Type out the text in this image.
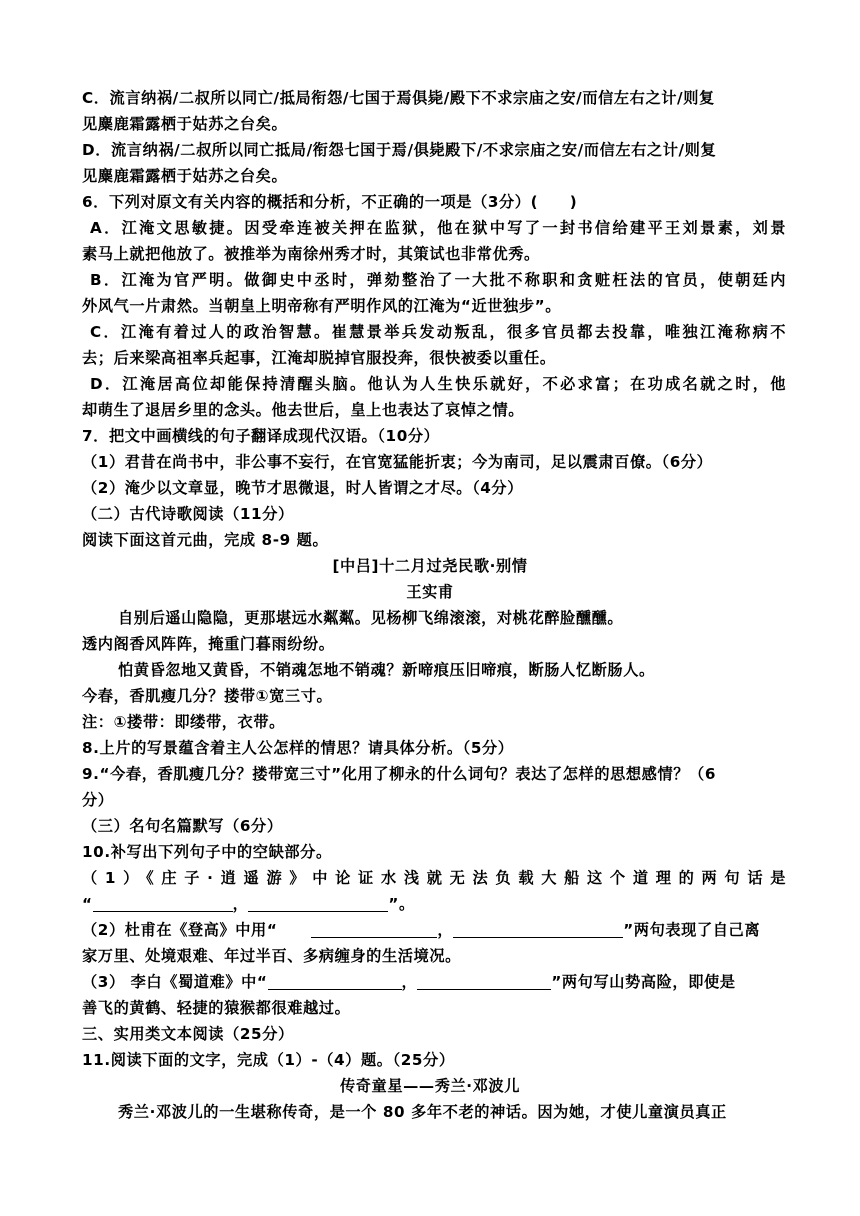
C．流言纳祸/二叔所以同亡/抵局衔怨/七国于焉俱毙/殿下不求宗庙之安/而信左右之计/则复
见麋鹿霜露栖于姑苏之台矣。
D．流言纳祸/二叔所以同亡抵局/衔怨七国于焉/俱毙殿下/不求宗庙之安/而信左右之计/则复
见麋鹿霜露栖于姑苏之台矣。
6．下列对原文有关内容的概括和分析，不正确的一项是（3分）(　　)
A．江淹文思敏捷。因受牵连被关押在监狱，他在狱中写了一封书信给建平王刘景素，刘景
素马上就把他放了。被推举为南徐州秀才时，其策试也非常优秀。
B．江淹为官严明。做御史中丞时，弹劾整治了一大批不称职和贪赃枉法的官员，使朝廷内
外风气一片肃然。当朝皇上明帝称有严明作风的江淹为“近世独步”。
C．江淹有着过人的政治智慧。崔慧景举兵发动叛乱，很多官员都去投靠，唯独江淹称病不
去；后来梁高祖率兵起事，江淹却脱掉官服投奔，很快被委以重任。
D．江淹居高位却能保持清醒头脑。他认为人生快乐就好，不必求富；在功成名就之时，他
却萌生了退居乡里的念头。他去世后，皇上也表达了哀悼之情。
7．把文中画横线的句子翻译成现代汉语。（10分）
（1）君昔在尚书中，非公事不妄行，在官宽猛能折衷；今为南司，足以震肃百僚。（6分）
（2）淹少以文章显，晚节才思微退，时人皆谓之才尽。（4分）
（二）古代诗歌阅读（11分）
阅读下面这首元曲，完成 8-9 题。
[中吕]十二月过尧民歌·别情
王实甫
自别后遥山隐隐，更那堪远水粼粼。见杨柳飞绵滚滚，对桃花醉脸醺醺。
透内阁香风阵阵，掩重门暮雨纷纷。
怕黄昏忽地又黄昏，不销魂怎地不销魂？新啼痕压旧啼痕，断肠人忆断肠人。
今春，香肌瘦几分？搂带①宽三寸。
注：①搂带：即缕带，衣带。
8.上片的写景蕴含着主人公怎样的情思？请具体分析。（5分）
9.“今春，香肌瘦几分？搂带宽三寸”化用了柳永的什么词句？表达了怎样的思想感情？（6
分）
（三）名句名篇默写（6分）
10.补写出下列句子中的空缺部分。
（1）《庄子·逍遥游》中论证水浅就无法负载大船这个道理的两句话是
“	，	”。
（2）杜甫在《登高》中用“	，	”两句表现了自己离
家万里、处境艰难、年过半百、多病缠身的生活境况。
（3） 李白《蜀道难》中“	，	”两句写山势高险，即使是
善飞的黄鹤、轻捷的猿猴都很难越过。
三、实用类文本阅读（25分）
11.阅读下面的文字，完成（1）-（4）题。（25分）
传奇童星——秀兰·邓波儿
秀兰·邓波儿的一生堪称传奇，是一个 80 多年不老的神话。因为她，才使儿童演员真正
